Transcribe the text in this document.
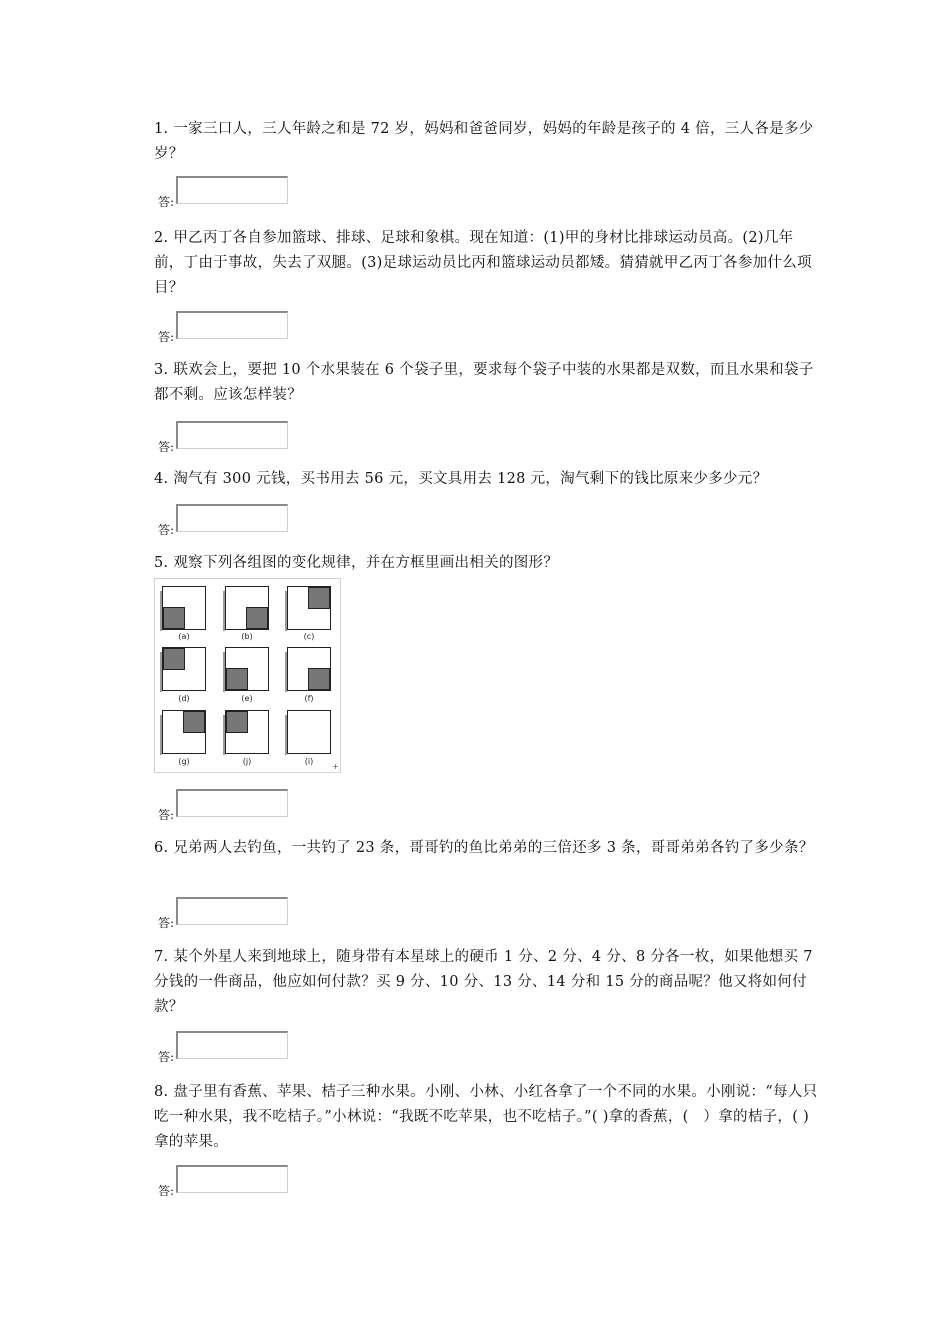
1. 一家三口人，三人年龄之和是 72 岁，妈妈和爸爸同岁，妈妈的年龄是孩子的 4 倍，三人各是多少岁？
答:
2. 甲乙丙丁各自参加篮球、排球、足球和象棋。现在知道：(1)甲的身材比排球运动员高。(2)几年前，丁由于事故，失去了双腿。(3)足球运动员比丙和篮球运动员都矮。猜猜就甲乙丙丁各参加什么项目？
答:
3. 联欢会上，要把 10 个水果装在 6 个袋子里，要求每个袋子中装的水果都是双数，而且水果和袋子都不剩。应该怎样装？
答:
4. 淘气有 300 元钱，买书用去 56 元，买文具用去 128 元，淘气剩下的钱比原来少多少元？
答:
5. 观察下列各组图的变化规律，并在方框里画出相关的图形？
(a)	(b)	(c)
(d)	(e)	(f)
(g)	(j)	(i)
+
答:
6. 兄弟两人去钓鱼，一共钓了 23 条，哥哥钓的鱼比弟弟的三倍还多 3 条，哥哥弟弟各钓了多少条？
答:
7. 某个外星人来到地球上，随身带有本星球上的硬币 1 分、2 分、4 分、8 分各一枚，如果他想买 7 分钱的一件商品，他应如何付款？买 9 分、10 分、13 分、14 分和 15 分的商品呢？他又将如何付款？
答:
8. 盘子里有香蕉、苹果、桔子三种水果。小刚、小林、小红各拿了一个不同的水果。小刚说：“每人只吃一种水果，我不吃桔子。”小林说：“我既不吃苹果，也不吃桔子。”( )拿的香蕉，(　）拿的桔子，( )拿的苹果。
答:
